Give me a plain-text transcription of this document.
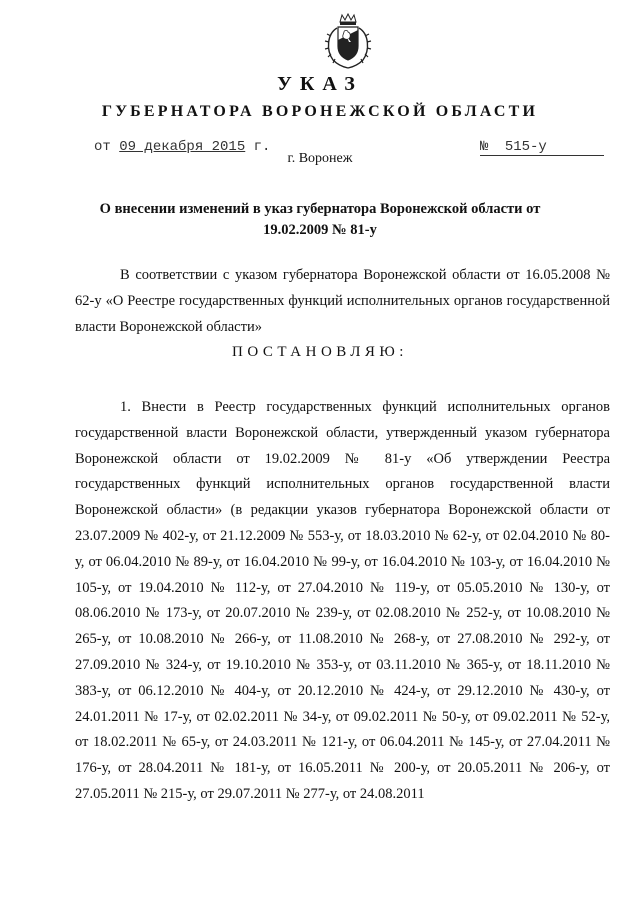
УКАЗ
ГУБЕРНАТОРА ВОРОНЕЖСКОЙ ОБЛАСТИ
от 09 декабря 2015 г.	№ 515-у
г. Воронеж
О внесении изменений в указ губернатора Воронежской области от 19.02.2009 № 81-у
В соответствии с указом губернатора Воронежской области от 16.05.2008 № 62-у «О Реестре государственных функций исполнительных органов государственной власти Воронежской области»
ПОСТАНОВЛЯЮ:
1. Внести в Реестр государственных функций исполнительных органов государственной власти Воронежской области, утвержденный указом губернатора Воронежской области от 19.02.2009 № 81-у «Об утверждении Реестра государственных функций исполнительных органов государственной власти Воронежской области» (в редакции указов губернатора Воронежской области от 23.07.2009 № 402-у, от 21.12.2009 № 553-у, от 18.03.2010 № 62-у, от 02.04.2010 № 80-у, от 06.04.2010 № 89-у, от 16.04.2010 № 99-у, от 16.04.2010 № 103-у, от 16.04.2010 № 105-у, от 19.04.2010 № 112-у, от 27.04.2010 № 119-у, от 05.05.2010 № 130-у, от 08.06.2010 № 173-у, от 20.07.2010 № 239-у, от 02.08.2010 № 252-у, от 10.08.2010 № 265-у, от 10.08.2010 № 266-у, от 11.08.2010 № 268-у, от 27.08.2010 № 292-у, от 27.09.2010 № 324-у, от 19.10.2010 № 353-у, от 03.11.2010 № 365-у, от 18.11.2010 № 383-у, от 06.12.2010 № 404-у, от 20.12.2010 № 424-у, от 29.12.2010 № 430-у, от 24.01.2011 № 17-у, от 02.02.2011 № 34-у, от 09.02.2011 № 50-у, от 09.02.2011 № 52-у, от 18.02.2011 № 65-у, от 24.03.2011 № 121-у, от 06.04.2011 № 145-у, от 27.04.2011 № 176-у, от 28.04.2011 № 181-у, от 16.05.2011 № 200-у, от 20.05.2011 № 206-у, от 27.05.2011 № 215-у, от 29.07.2011 № 277-у, от 24.08.2011
